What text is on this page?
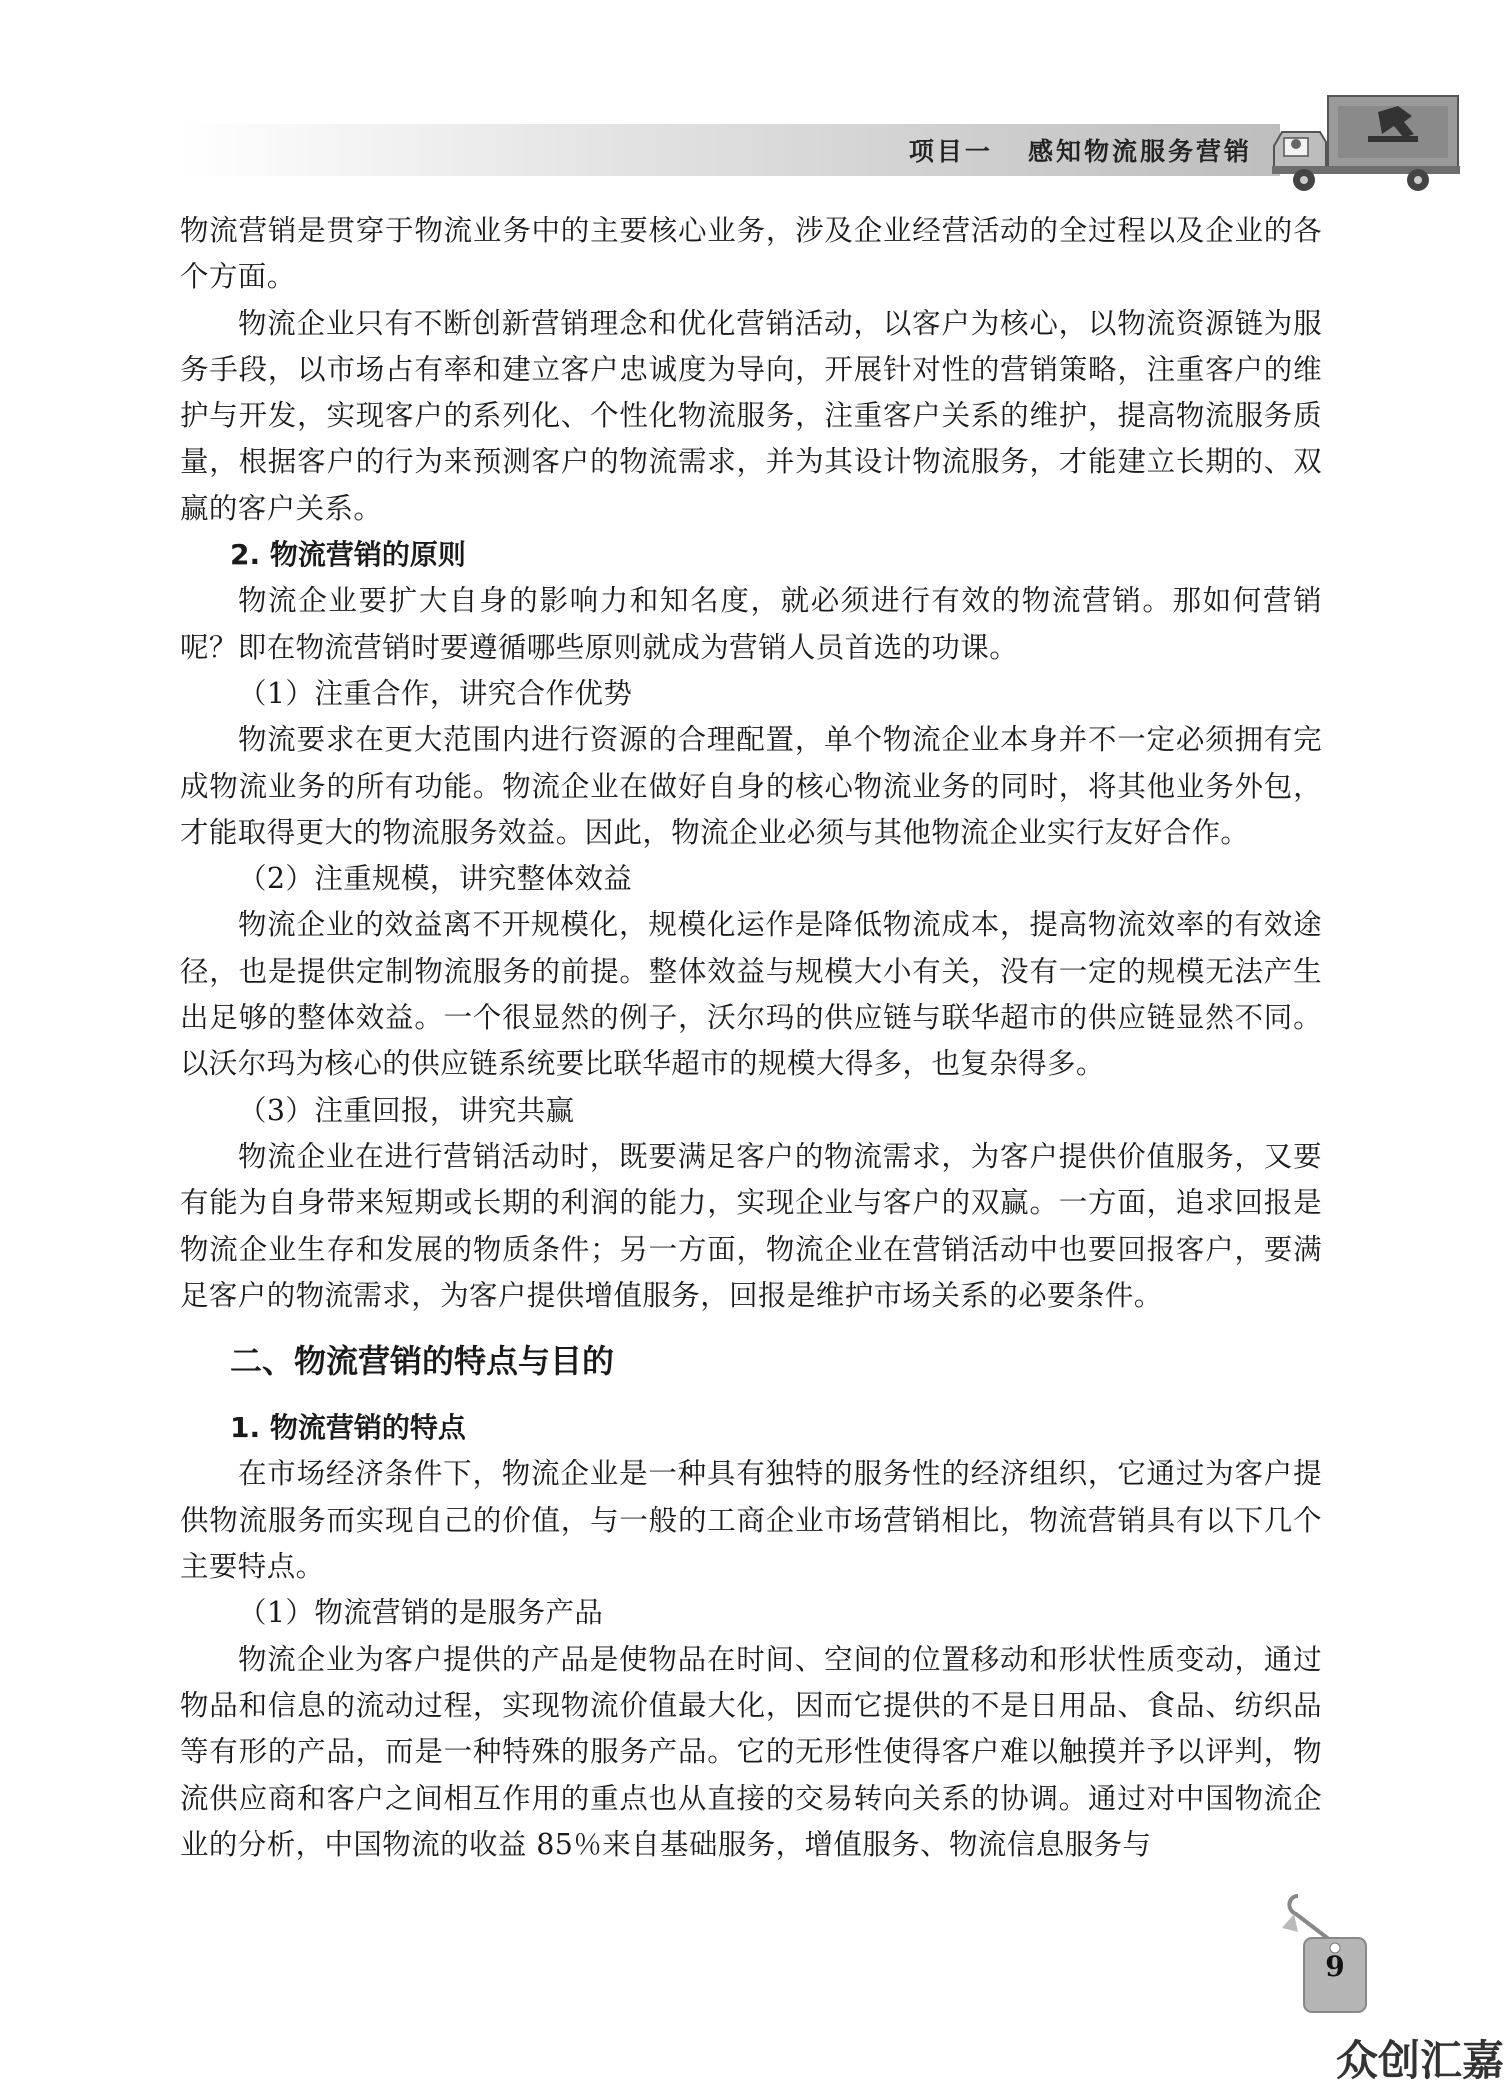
项目一   感知物流服务营销

物流营销是贯穿于物流业务中的主要核心业务，涉及企业经营活动的全过程以及企业的各个方面。

物流企业只有不断创新营销理念和优化营销活动，以客户为核心，以物流资源链为服务手段，以市场占有率和建立客户忠诚度为导向，开展针对性的营销策略，注重客户的维护与开发，实现客户的系列化、个性化物流服务，注重客户关系的维护，提高物流服务质量，根据客户的行为来预测客户的物流需求，并为其设计物流服务，才能建立长期的、双赢的客户关系。

2. 物流营销的原则

物流企业要扩大自身的影响力和知名度，就必须进行有效的物流营销。那如何营销呢？即在物流营销时要遵循哪些原则就成为营销人员首选的功课。

（1）注重合作，讲究合作优势

物流要求在更大范围内进行资源的合理配置，单个物流企业本身并不一定必须拥有完成物流业务的所有功能。物流企业在做好自身的核心物流业务的同时，将其他业务外包，才能取得更大的物流服务效益。因此，物流企业必须与其他物流企业实行友好合作。

（2）注重规模，讲究整体效益

物流企业的效益离不开规模化，规模化运作是降低物流成本，提高物流效率的有效途径，也是提供定制物流服务的前提。整体效益与规模大小有关，没有一定的规模无法产生出足够的整体效益。一个很显然的例子，沃尔玛的供应链与联华超市的供应链显然不同。以沃尔玛为核心的供应链系统要比联华超市的规模大得多，也复杂得多。

（3）注重回报，讲究共赢

物流企业在进行营销活动时，既要满足客户的物流需求，为客户提供价值服务，又要有能为自身带来短期或长期的利润的能力，实现企业与客户的双赢。一方面，追求回报是物流企业生存和发展的物质条件；另一方面，物流企业在营销活动中也要回报客户，要满足客户的物流需求，为客户提供增值服务，回报是维护市场关系的必要条件。

二、物流营销的特点与目的

1. 物流营销的特点

在市场经济条件下，物流企业是一种具有独特的服务性的经济组织，它通过为客户提供物流服务而实现自己的价值，与一般的工商企业市场营销相比，物流营销具有以下几个主要特点。

（1）物流营销的是服务产品

物流企业为客户提供的产品是使物品在时间、空间的位置移动和形状性质变动，通过物品和信息的流动过程，实现物流价值最大化，因而它提供的不是日用品、食品、纺织品等有形的产品，而是一种特殊的服务产品。它的无形性使得客户难以触摸并予以评判，物流供应商和客户之间相互作用的重点也从直接的交易转向关系的协调。通过对中国物流企业的分析，中国物流的收益 85％来自基础服务，增值服务、物流信息服务与

9
众创汇嘉
